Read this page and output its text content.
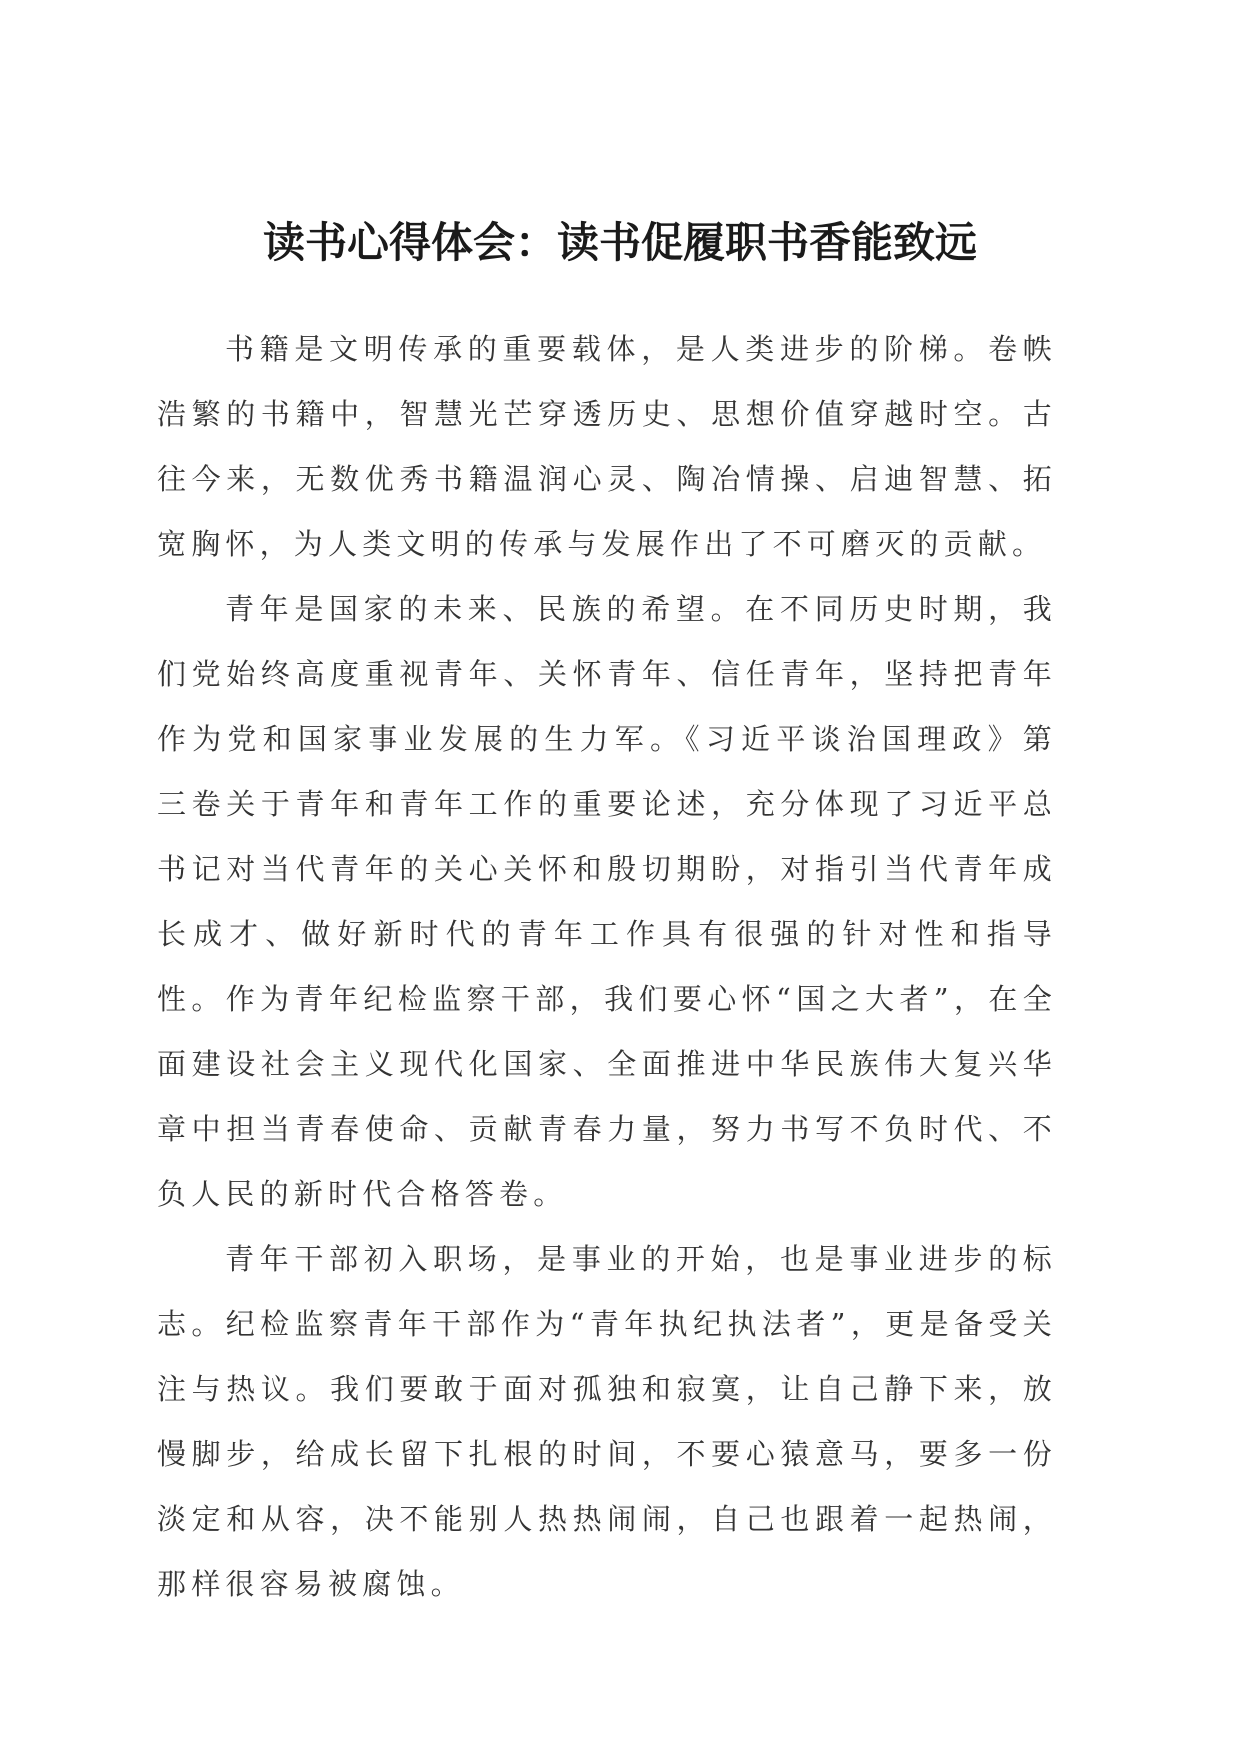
读书心得体会：读书促履职书香能致远

书籍是文明传承的重要载体，是人类进步的阶梯。卷帙浩繁的书籍中，智慧光芒穿透历史、思想价值穿越时空。古往今来，无数优秀书籍温润心灵、陶冶情操、启迪智慧、拓宽胸怀，为人类文明的传承与发展作出了不可磨灭的贡献。

青年是国家的未来、民族的希望。在不同历史时期，我们党始终高度重视青年、关怀青年、信任青年，坚持把青年作为党和国家事业发展的生力军。《习近平谈治国理政》第三卷关于青年和青年工作的重要论述，充分体现了习近平总书记对当代青年的关心关怀和殷切期盼，对指引当代青年成长成才、做好新时代的青年工作具有很强的针对性和指导性。作为青年纪检监察干部，我们要心怀“国之大者”，在全面建设社会主义现代化国家、全面推进中华民族伟大复兴华章中担当青春使命、贡献青春力量，努力书写不负时代、不负人民的新时代合格答卷。

青年干部初入职场，是事业的开始，也是事业进步的标志。纪检监察青年干部作为“青年执纪执法者”，更是备受关注与热议。我们要敢于面对孤独和寂寞，让自己静下来，放慢脚步，给成长留下扎根的时间，不要心猿意马，要多一份淡定和从容，决不能别人热热闹闹，自己也跟着一起热闹，那样很容易被腐蚀。
